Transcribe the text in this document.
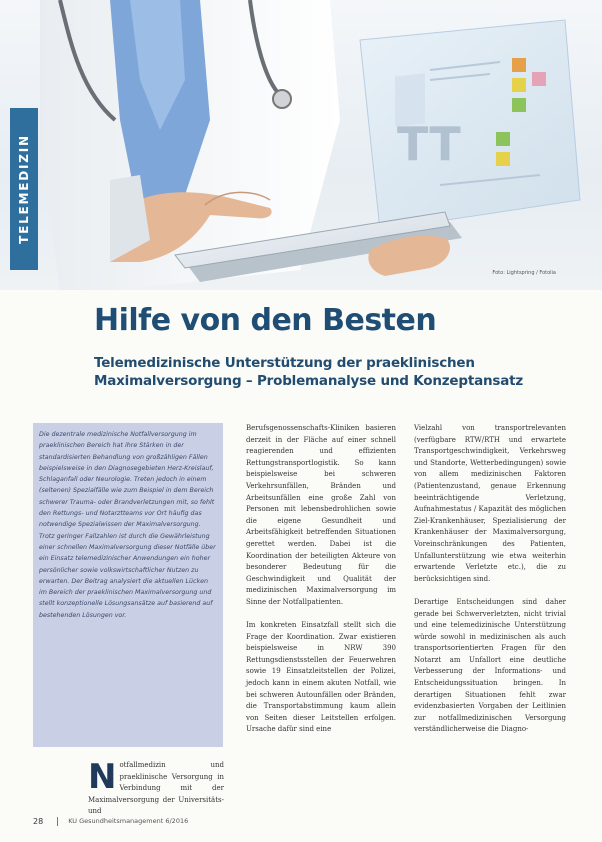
TT
TELEMEDIZIN
Foto: Lightspring / Fotolia
Hilfe von den Besten
Telemedizinische Unterstützung der praeklinischen Maximalversorgung – Problemanalyse und Konzeptansatz

Die dezentrale medizinische Notfallversorgung im praeklinischen Bereich hat ihre Stärken in der standardisierten Behandlung von großzähligen Fällen beispielsweise in den Diagnosegebieten Herz-Kreislauf, Schlaganfall oder Neurologie. Treten jedoch in einem (seltenen) Spezialfälle wie zum Beispiel in dem Bereich schwerer Trauma- oder Brandverletzungen mit, so fehlt den Rettungs- und Notarztteams vor Ort häufig das notwendige Spezialwissen der Maximalversorgung. Trotz geringer Fallzahlen ist durch die Gewährleistung einer schnellen Maximalversorgung dieser Notfälle über ein Einsatz telemedizinischer Anwendungen ein hoher persönlicher sowie volkswirtschaftlicher Nutzen zu erwarten. Der Beitrag analysiert die aktuellen Lücken im Bereich der praeklinischen Maximalversorgung und stellt konzeptionelle Lösungsansätze auf basierend auf bestehenden Lösungen vor.

Notfallmedizin und praeklinische Versorgung in Verbindung mit der Maximalversorgung der Universitäts- und

Berufsgenossenschafts-Kliniken basieren derzeit in der Fläche auf einer schnell reagierenden und effizienten Rettungstransportlogistik. So kann beispielsweise bei schweren Verkehrsunfällen, Bränden und Arbeitsunfällen eine große Zahl von Personen mit lebensbedrohlichen sowie die eigene Gesundheit und Arbeitsfähigkeit betreffenden Situationen gerettet werden. Dabei ist die Koordination der beteiligten Akteure von besonderer Bedeutung für die Geschwindigkeit und Qualität der medizinischen Maximalversorgung im Sinne der Notfallpatienten.

Im konkreten Einsatzfall stellt sich die Frage der Koordination. Zwar existieren beispielsweise in NRW 390 Rettungsdienstsstellen der Feuerwehren sowie 19 Einsatzleitstellen der Polizei, jedoch kann in einem akuten Notfall, wie bei schweren Autounfällen oder Bränden, die Transportabstimmung kaum allein von Seiten dieser Leitstellen erfolgen. Ursache dafür sind eine

Vielzahl von transportrelevanten (verfügbare RTW/RTH und erwartete Transportgeschwindigkeit, Verkehrsweg und Standorte, Wetterbedingungen) sowie von allem medizinischen Faktoren (Patientenzustand, genaue Erkennung beeinträchtigende Verletzung, Aufnahmestatus / Kapazität des möglichen Ziel-Krankenhäuser, Spezialisierung der Krankenhäuser der Maximalversorgung, Voreinschränkungen des Patienten, Unfallunterstützung wie etwa weiterhin erwartende Verletzte etc.), die zu berücksichtigen sind.

Derartige Entscheidungen sind daher gerade bei Schwerverletzten, nicht trivial und eine telemedizinische Unterstützung würde sowohl in medizinischen als auch transportsorientierten Fragen für den Notarzt am Unfallort eine deutliche Verbesserung der Informations- und Entscheidungssituation bringen. In derartigen Situationen fehlt zwar evidenzbasierten Vorgaben der Leitlinien zur notfallmedizinischen Versorgung verständlicherweise die Diagno-

28	KU Gesundheitsmanagement 6/2016
